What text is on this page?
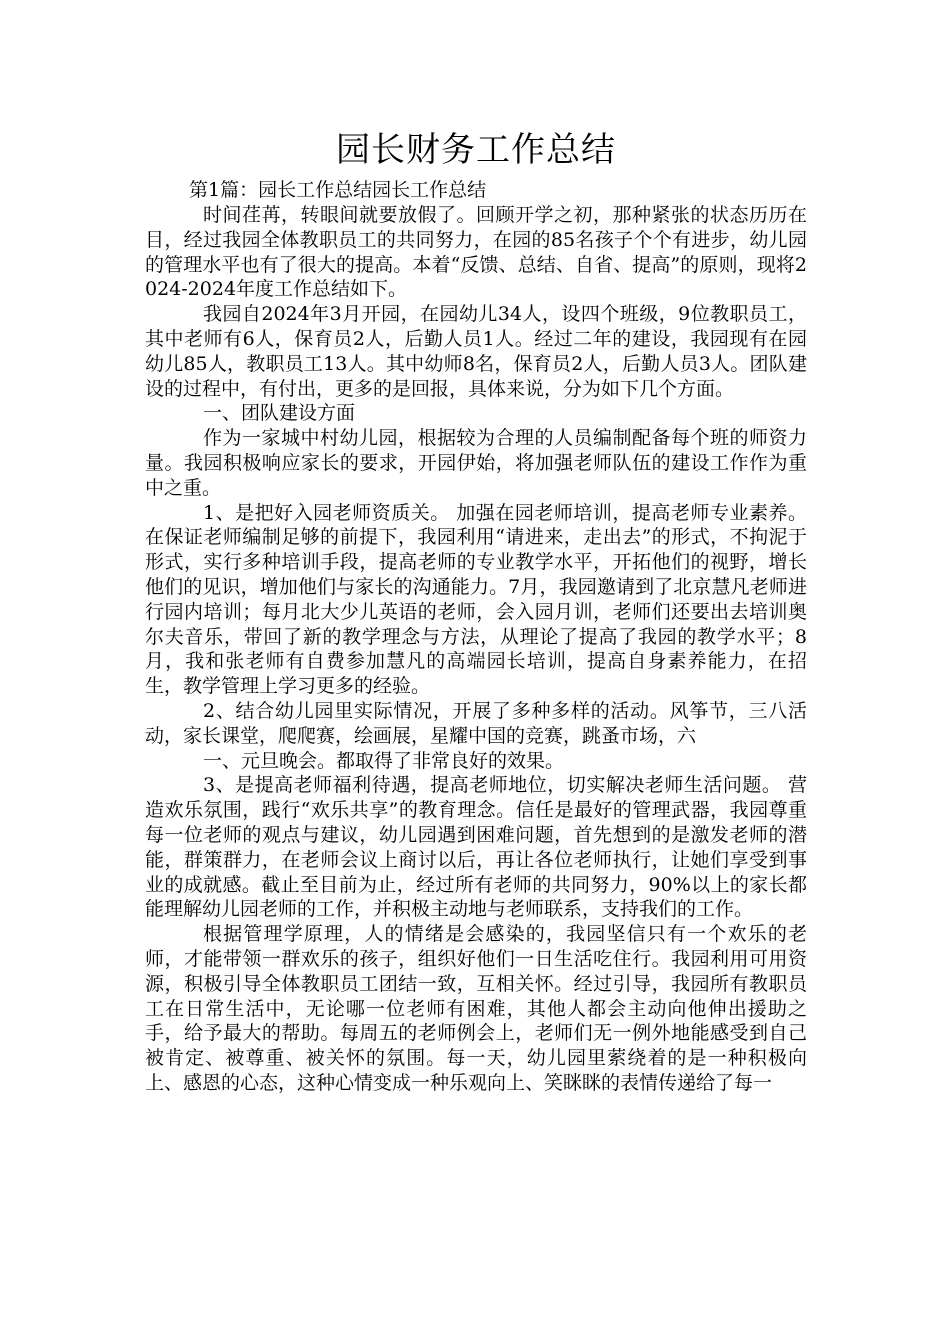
园长财务工作总结

第1篇：园长工作总结园长工作总结

时间荏苒，转眼间就要放假了。回顾开学之初，那种紧张的状态历历在目，经过我园全体教职员工的共同努力，在园的85名孩子个个有进步，幼儿园的管理水平也有了很大的提高。本着“反馈、总结、自省、提高”的原则，现将2024-2024年度工作总结如下。

我园自2024年3月开园，在园幼儿34人，设四个班级，9位教职员工，其中老师有6人，保育员2人，后勤人员1人。经过二年的建设，我园现有在园幼儿85人，教职员工13人。其中幼师8名，保育员2人，后勤人员3人。团队建设的过程中，有付出，更多的是回报，具体来说，分为如下几个方面。

一、团队建设方面

作为一家城中村幼儿园，根据较为合理的人员编制配备每个班的师资力量。我园积极响应家长的要求，开园伊始，将加强老师队伍的建设工作作为重中之重。

1、是把好入园老师资质关。 加强在园老师培训，提高老师专业素养。在保证老师编制足够的前提下，我园利用“请进来，走出去”的形式，不拘泥于形式，实行多种培训手段，提高老师的专业教学水平，开拓他们的视野，增长他们的见识，增加他们与家长的沟通能力。7月，我园邀请到了北京慧凡老师进行园内培训；每月北大少儿英语的老师，会入园月训，老师们还要出去培训奥尔夫音乐，带回了新的教学理念与方法，从理论了提高了我园的教学水平；8月，我和张老师有自费参加慧凡的高端园长培训，提高自身素养能力，在招生，教学管理上学习更多的经验。

2、结合幼儿园里实际情况，开展了多种多样的活动。风筝节，三八活动，家长课堂，爬爬赛，绘画展，星耀中国的竞赛，跳蚤市场，六

一、元旦晚会。都取得了非常良好的效果。

3、是提高老师福利待遇，提高老师地位，切实解决老师生活问题。 营造欢乐氛围，践行“欢乐共享”的教育理念。信任是最好的管理武器，我园尊重每一位老师的观点与建议，幼儿园遇到困难问题，首先想到的是激发老师的潜能，群策群力，在老师会议上商讨以后，再让各位老师执行，让她们享受到事业的成就感。截止至目前为止，经过所有老师的共同努力，90%以上的家长都能理解幼儿园老师的工作，并积极主动地与老师联系，支持我们的工作。

根据管理学原理，人的情绪是会感染的，我园坚信只有一个欢乐的老师，才能带领一群欢乐的孩子，组织好他们一日生活吃住行。我园利用可用资源，积极引导全体教职员工团结一致，互相关怀。经过引导，我园所有教职员工在日常生活中，无论哪一位老师有困难，其他人都会主动向他伸出援助之手，给予最大的帮助。每周五的老师例会上，老师们无一例外地能感受到自己被肯定、被尊重、被关怀的氛围。每一天，幼儿园里萦绕着的是一种积极向上、感恩的心态，这种心情变成一种乐观向上、笑眯眯的表情传递给了每一
